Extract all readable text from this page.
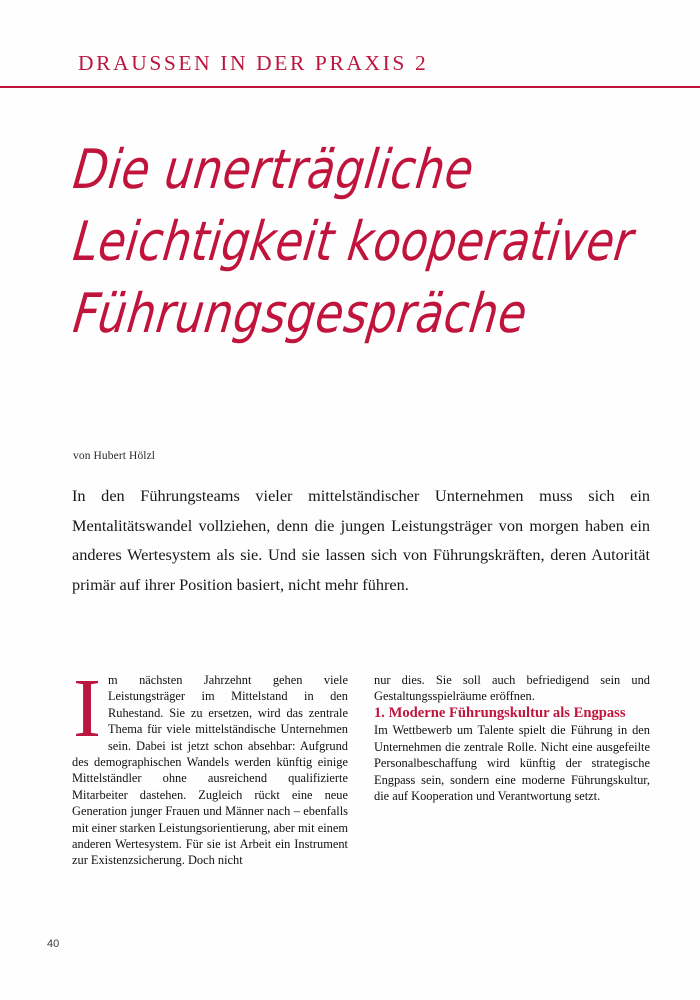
DRAUSSEN IN DER PRAXIS 2
Die unerträgliche
Leichtigkeit kooperativer
Führungsgespräche
von Hubert Hölzl
In den Führungsteams vieler mittelständischer Unternehmen muss sich ein Mentalitätswandel vollziehen, denn die jungen Leistungsträger von morgen haben ein anderes Wertesystem als sie. Und sie lassen sich von Führungskräften, deren Autorität primär auf ihrer Position basiert, nicht mehr führen.

Im nächsten Jahrzehnt gehen viele Leistungsträger im Mittelstand in den Ruhestand. Sie zu ersetzen, wird das zentrale Thema für viele mittelständische Unternehmen sein. Dabei ist jetzt schon absehbar: Aufgrund des demographischen Wandels werden künftig einige Mittelständler ohne ausreichend qualifizierte Mitarbeiter dastehen. Zugleich rückt eine neue Generation junger Frauen und Männer nach – ebenfalls mit einer starken Leistungsorientierung, aber mit einem anderen Wertesystem. Für sie ist Arbeit ein Instrument zur Existenzsicherung. Doch nicht

nur dies. Sie soll auch befriedigend sein und Gestaltungsspielräume eröffnen.

1. Moderne Führungskultur als Engpass

Im Wettbewerb um Talente spielt die Führung in den Unternehmen die zentrale Rolle. Nicht eine ausgefeilte Personalbeschaffung wird künftig der strategische Engpass sein, sondern eine moderne Führungskultur, die auf Kooperation und Verantwortung setzt.

40
